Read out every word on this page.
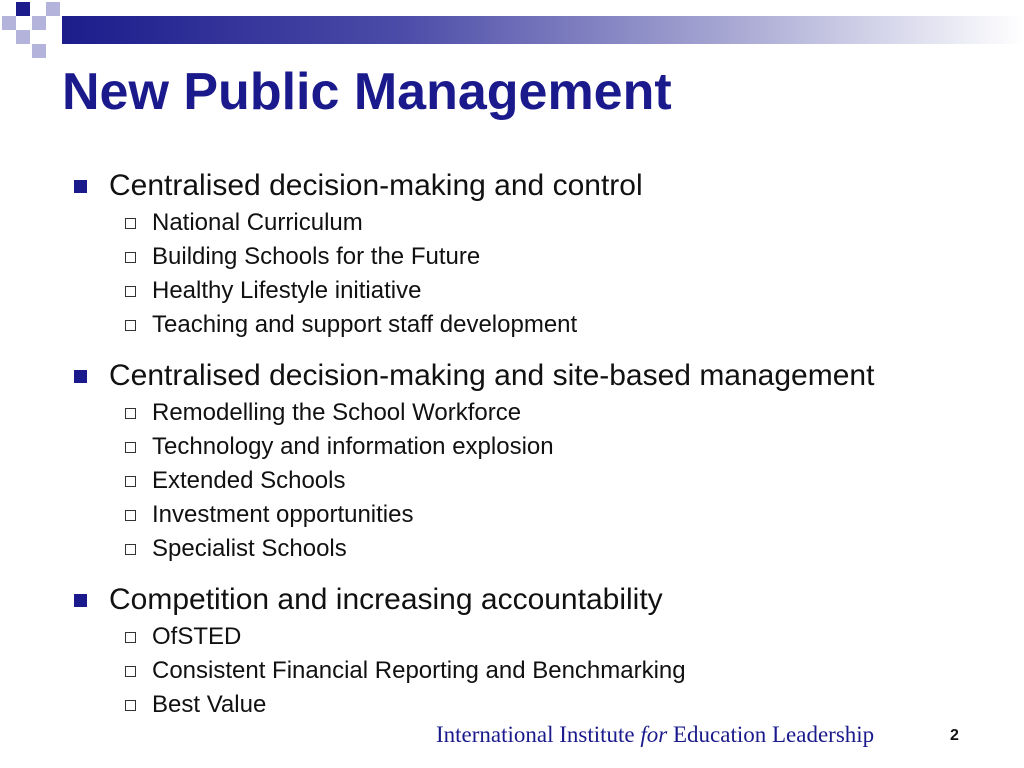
New Public Management
Centralised decision-making and control
National Curriculum
Building Schools for the Future
Healthy Lifestyle initiative
Teaching and support staff development
Centralised decision-making and site-based management
Remodelling the School Workforce
Technology and information explosion
Extended Schools
Investment opportunities
Specialist Schools
Competition and increasing accountability
OfSTED
Consistent Financial Reporting and Benchmarking
Best Value
International Institute for Education Leadership	2
